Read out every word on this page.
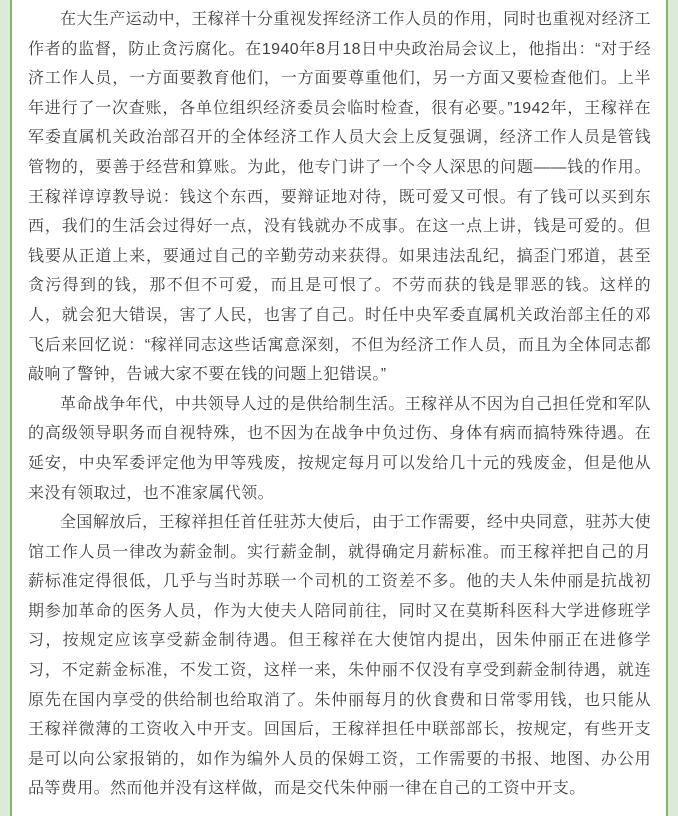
在大生产运动中，王稼祥十分重视发挥经济工作人员的作用，同时也重视对经济工作者的监督，防止贪污腐化。在1940年8月18日中央政治局会议上，他指出：“对于经济工作人员，一方面要教育他们，一方面要尊重他们，另一方面又要检查他们。上半年进行了一次查账，各单位组织经济委员会临时检查，很有必要。”1942年，王稼祥在军委直属机关政治部召开的全体经济工作人员大会上反复强调，经济工作人员是管钱管物的，要善于经营和算账。为此，他专门讲了一个令人深思的问题——钱的作用。王稼祥谆谆教导说：钱这个东西，要辩证地对待，既可爱又可恨。有了钱可以买到东西，我们的生活会过得好一点，没有钱就办不成事。在这一点上讲，钱是可爱的。但钱要从正道上来，要通过自己的辛勤劳动来获得。如果违法乱纪，搞歪门邪道，甚至贪污得到的钱，那不但不可爱，而且是可恨了。不劳而获的钱是罪恶的钱。这样的人，就会犯大错误，害了人民，也害了自己。时任中央军委直属机关政治部主任的邓飞后来回忆说：“稼祥同志这些话寓意深刻，不但为经济工作人员，而且为全体同志都敲响了警钟，告诫大家不要在钱的问题上犯错误。”

革命战争年代，中共领导人过的是供给制生活。王稼祥从不因为自己担任党和军队的高级领导职务而自视特殊，也不因为在战争中负过伤、身体有病而搞特殊待遇。在延安，中央军委评定他为甲等残废，按规定每月可以发给几十元的残废金，但是他从来没有领取过，也不准家属代领。

全国解放后，王稼祥担任首任驻苏大使后，由于工作需要，经中央同意，驻苏大使馆工作人员一律改为薪金制。实行薪金制，就得确定月薪标准。而王稼祥把自己的月薪标准定得很低，几乎与当时苏联一个司机的工资差不多。他的夫人朱仲丽是抗战初期参加革命的医务人员，作为大使夫人陪同前往，同时又在莫斯科医科大学进修班学习，按规定应该享受薪金制待遇。但王稼祥在大使馆内提出，因朱仲丽正在进修学习，不定薪金标准，不发工资，这样一来，朱仲丽不仅没有享受到薪金制待遇，就连原先在国内享受的供给制也给取消了。朱仲丽每月的伙食费和日常零用钱，也只能从王稼祥微薄的工资收入中开支。回国后，王稼祥担任中联部部长，按规定，有些开支是可以向公家报销的，如作为编外人员的保姆工资，工作需要的书报、地图、办公用品等费用。然而他并没有这样做，而是交代朱仲丽一律在自己的工资中开支。
